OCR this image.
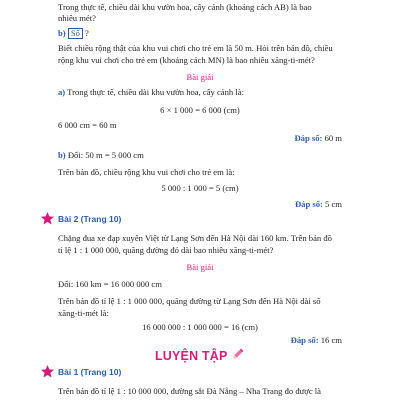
Trong thực tế, chiều dài khu vườn hoa, cây cảnh (khoảng cách AB) là bao
nhiêu mét?
b) Số ?
Biết chiều rộng thật của khu vui chơi cho trẻ em là 50 m. Hỏi trên bản đồ, chiều
rộng khu vui chơi cho trẻ em (khoảng cách MN) là bao nhiêu xăng-ti-mét?
Bài giải
a) Trong thực tế, chiều dài khu vườn hoa, cây cảnh là:
6 × 1 000 = 6 000 (cm)
6 000 cm = 60 m
Đáp số: 60 m
b) Đổi: 50 m = 5 000 cm
Trên bản đồ, chiều rộng khu vui chơi cho trẻ em là:
5 000 : 1 000 = 5 (cm)
Đáp số: 5 cm
Bài 2 (Trang 10)
Chặng đua xe đạp xuyên Việt từ Lạng Sơn đến Hà Nội dài 160 km. Trên bản đồ
tỉ lệ 1 : 1 000 000, quãng đường đó dài bao nhiêu xăng-ti-mét?
Bài giải
Đổi: 160 km = 16 000 000 cm
Trên bản đồ tỉ lệ 1 : 1 000 000, quãng đường từ Lạng Sơn đến Hà Nội dài số
xăng-ti-mét là:
16 000 000 : 1 000 000 = 16 (cm)
Đáp số: 16 cm
LUYỆN TẬP
Bài 1 (Trang 10)
Trên bản đồ tỉ lệ 1 : 10 000 000, đường sắt Đà Nẵng – Nha Trang đo được là
